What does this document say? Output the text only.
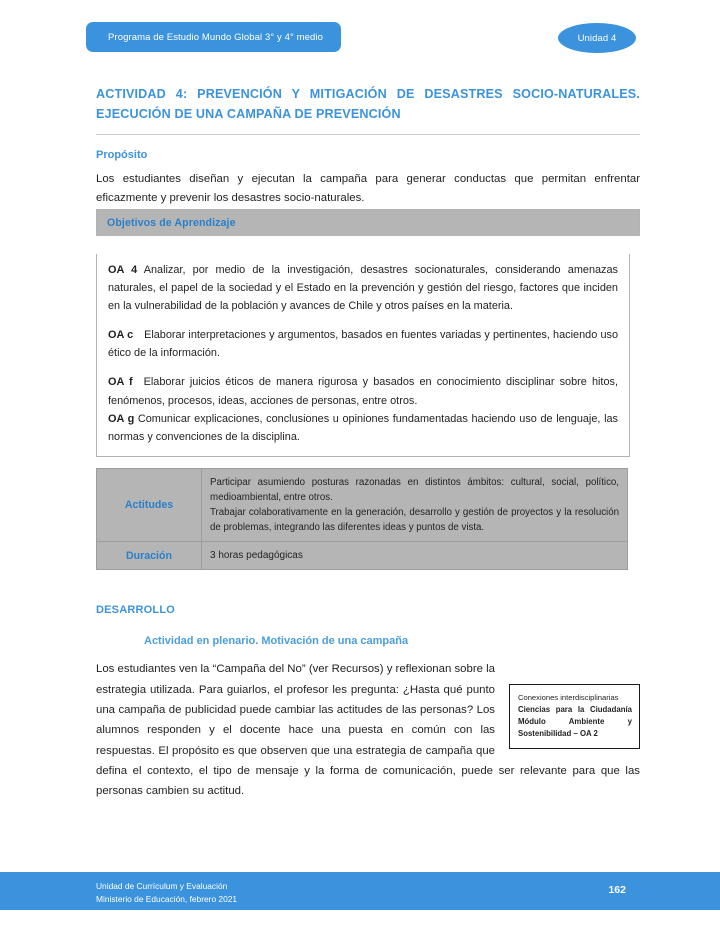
Programa de Estudio Mundo Global 3° y 4° medio	Unidad 4
ACTIVIDAD 4: PREVENCIÓN Y MITIGACIÓN DE DESASTRES SOCIO-NATURALES. EJECUCIÓN DE UNA CAMPAÑA DE PREVENCIÓN
Propósito

Los estudiantes diseñan y ejecutan la campaña para generar conductas que permitan enfrentar eficazmente y prevenir los desastres socio-naturales.

Objetivos de Aprendizaje

OA 4 Analizar, por medio de la investigación, desastres socionaturales, considerando amenazas naturales, el papel de la sociedad y el Estado en la prevención y gestión del riesgo, factores que inciden en la vulnerabilidad de la población y avances de Chile y otros países en la materia.

OA c Elaborar interpretaciones y argumentos, basados en fuentes variadas y pertinentes, haciendo uso ético de la información.

OA f Elaborar juicios éticos de manera rigurosa y basados en conocimiento disciplinar sobre hitos, fenómenos, procesos, ideas, acciones de personas, entre otros.

OA g Comunicar explicaciones, conclusiones u opiniones fundamentadas haciendo uso de lenguaje, las normas y convenciones de la disciplina.

Actitudes	Participar asumiendo posturas razonadas en distintos ámbitos: cultural, social, político, medioambiental, entre otros.
Trabajar colaborativamente en la generación, desarrollo y gestión de proyectos y la resolución de problemas, integrando las diferentes ideas y puntos de vista.

Duración	3 horas pedagógicas
DESARROLLO
Actividad en plenario. Motivación de una campaña
Conexiones interdisciplinarias
Ciencias para la Ciudadanía Módulo Ambiente y Sostenibilidad – OA 2
Los estudiantes ven la “Campaña del No” (ver Recursos) y reflexionan sobre la estrategia utilizada. Para guiarlos, el profesor les pregunta: ¿Hasta qué punto una campaña de publicidad puede cambiar las actitudes de las personas? Los alumnos responden y el docente hace una puesta en común con las respuestas. El propósito es que observen que una estrategia de campaña que defina el contexto, el tipo de mensaje y la forma de comunicación, puede ser relevante para que las personas cambien su actitud.
Unidad de Currículum y Evaluación
Ministerio de Educación, febrero 2021
162
